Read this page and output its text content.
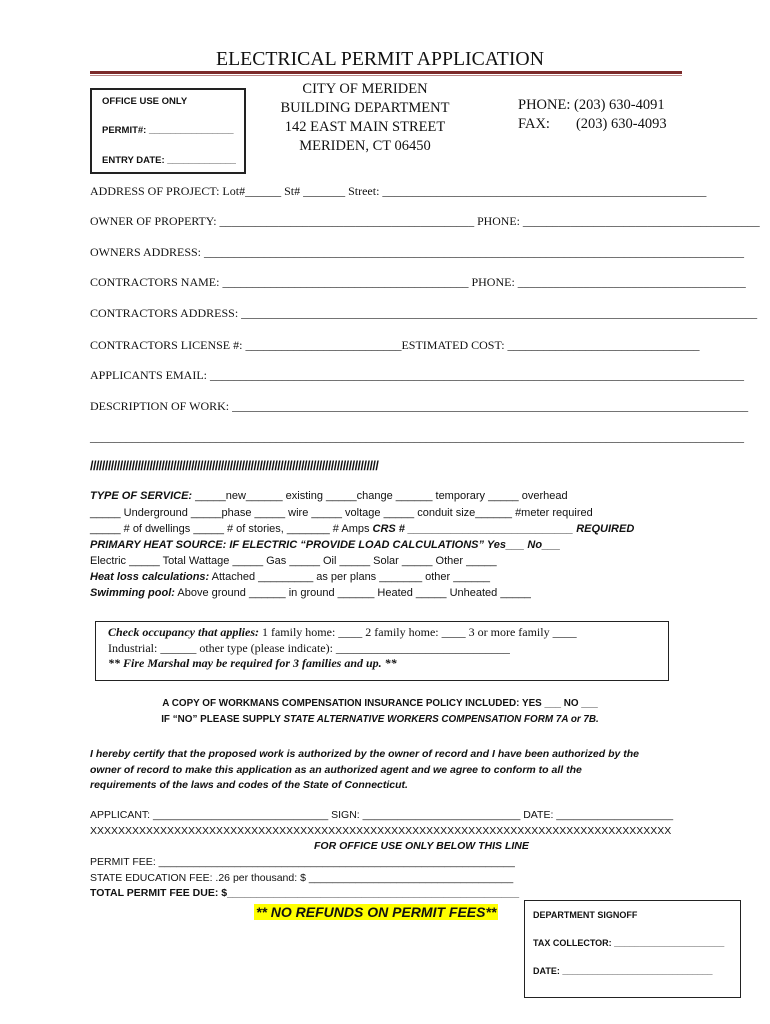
ELECTRICAL PERMIT APPLICATION
OFFICE USE ONLY
PERMIT#: ________________
ENTRY DATE: _____________
CITY OF MERIDEN
BUILDING DEPARTMENT
142 EAST MAIN STREET
MERIDEN, CT 06450
PHONE: (203) 630-4091
FAX: (203) 630-4093
ADDRESS OF PROJECT: Lot#______ St# _______ Street: ______________________________________________________
OWNER OF PROPERTY: ___________________________________________ PHONE: ________________________________________
OWNERS ADDRESS: __________________________________________________________________________________________
CONTRACTORS NAME: _________________________________________ PHONE: ______________________________________
CONTRACTORS ADDRESS: ______________________________________________________________________________________
CONTRACTORS LICENSE #: __________________________ESTIMATED COST: ________________________________
APPLICANTS EMAIL: _________________________________________________________________________________________
DESCRIPTION OF WORK: ______________________________________________________________________________________
_____________________________________________________________________________________________________________
/////////////////////////////////////////////////////////////////////////////////////////////////
TYPE OF SERVICE: _____new______ existing _____change ______ temporary _____ overhead
_____ Underground _____phase _____ wire _____ voltage _____ conduit size______ #meter required
_____ # of dwellings _____ # of stories, _______ # Amps CRS # ___________________________ REQUIRED
PRIMARY HEAT SOURCE: IF ELECTRIC “PROVIDE LOAD CALCULATIONS” Yes___ No___
Electric _____ Total Wattage _____ Gas _____ Oil _____ Solar _____ Other _____
Heat loss calculations: Attached _________ as per plans _______ other ______
Swimming pool: Above ground ______ in ground ______ Heated _____ Unheated _____
Check occupancy that applies: 1 family home: ____ 2 family home: ____ 3 or more family ____
Industrial: ______ other type (please indicate): _____________________________
** Fire Marshal may be required for 3 families and up. **
A COPY OF WORKMANS COMPENSATION INSURANCE POLICY INCLUDED: YES ___ NO ___
IF “NO” PLEASE SUPPLY STATE ALTERNATIVE WORKERS COMPENSATION FORM 7A or 7B.
I hereby certify that the proposed work is authorized by the owner of record and I have been authorized by the
owner of record to make this application as an authorized agent and we agree to conform to all the
requirements of the laws and codes of the State of Connecticut.
APPLICANT: ______________________________ SIGN: ___________________________ DATE: ____________________
XXXXXXXXXXXXXXXXXXXXXXXXXXXXXXXXXXXXXXXXXXXXXXXXXXXXXXXXXXXXXXXXXXXXXXXXXXXXXXXXXXX
FOR OFFICE USE ONLY BELOW THIS LINE
PERMIT FEE: _____________________________________________________________
STATE EDUCATION FEE: .26 per thousand: $ ___________________________________
TOTAL PERMIT FEE DUE: $__________________________________________________
** NO REFUNDS ON PERMIT FEES**	DEPARTMENT SIGNOFF
TAX COLLECTOR: ______________________
DATE: ______________________________
